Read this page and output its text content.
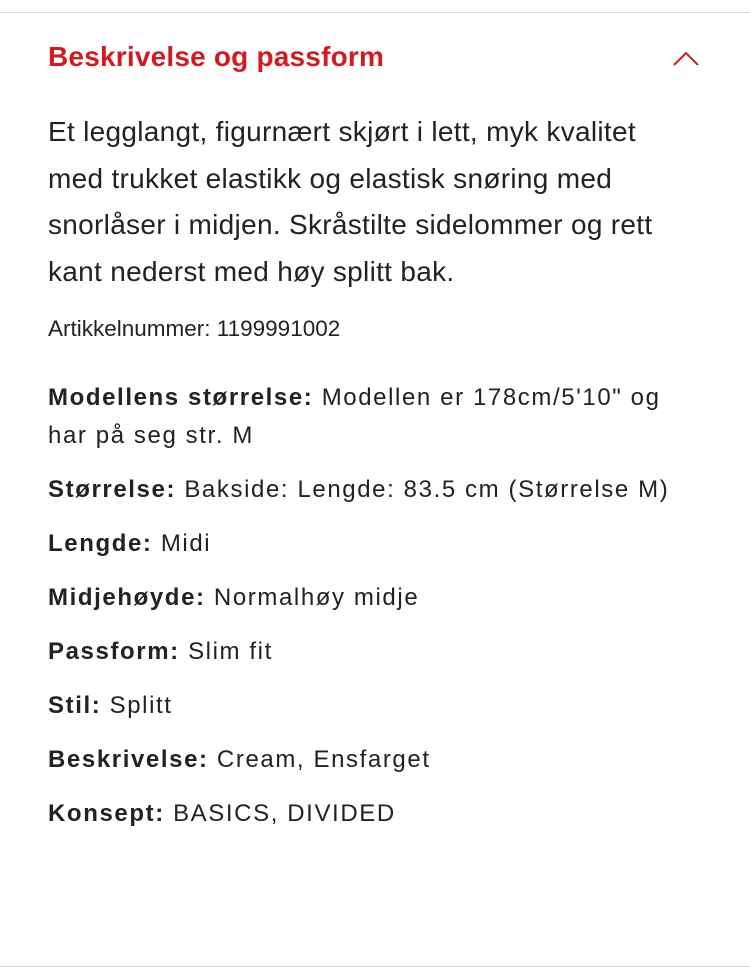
Beskrivelse og passform

Et legglangt, figurnært skjørt i lett, myk kvalitet med trukket elastikk og elastisk snøring med snorlåser i midjen. Skråstilte sidelommer og rett kant nederst med høy splitt bak.

Artikkelnummer: 1199991002

Modellens størrelse: Modellen er 178cm/5'10" og har på seg str. M
Størrelse: Bakside: Lengde: 83.5 cm (Størrelse M)
Lengde: Midi
Midjehøyde: Normalhøy midje
Passform: Slim fit
Stil: Splitt
Beskrivelse: Cream, Ensfarget
Konsept: BASICS, DIVIDED
